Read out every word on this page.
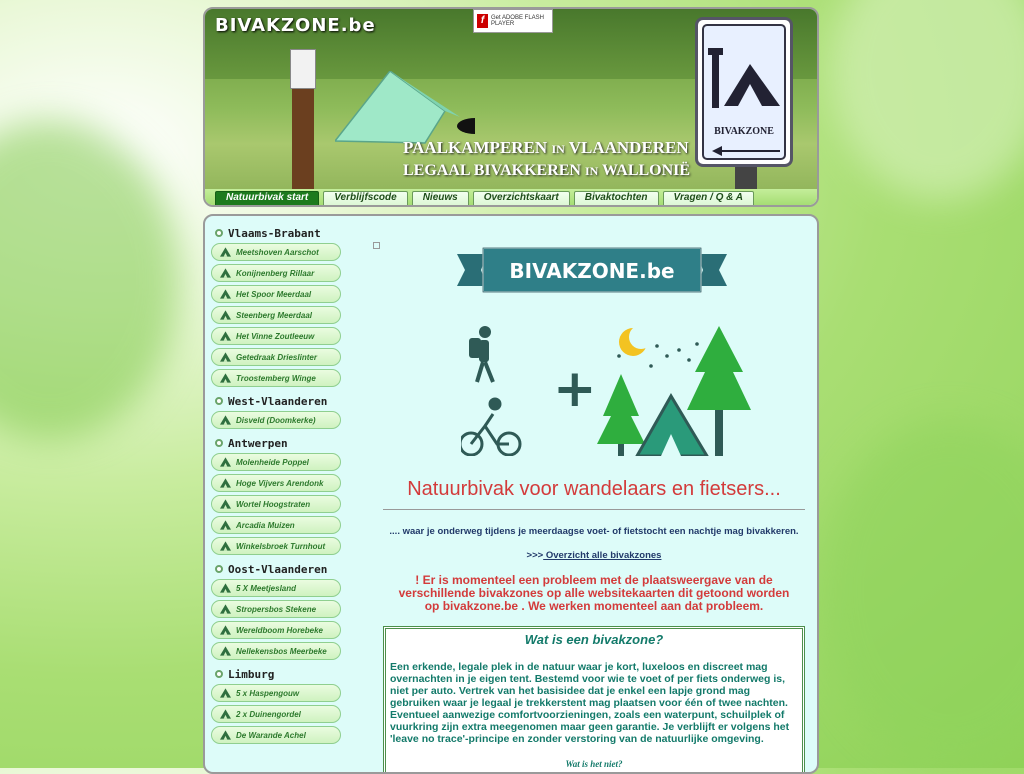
BIVAKZONE.be	f	Get ADOBE FLASH PLAYER
PAALKAMPEREN IN VLAANDEREN
LEGAAL BIVAKKEREN IN WALLONIË
BIVAKZONE
Natuurbivak start	Verblijfscode	Nieuws	Overzichtskaart	Bivaktochten	Vragen / Q & A
Vlaams-Brabant
Meetshoven Aarschot
Konijnenberg Rillaar
Het Spoor Meerdaal
Steenberg Meerdaal
Het Vinne Zoutleeuw
Getedraak Drieslinter
Troostemberg Winge
West-Vlaanderen
Disveld (Doomkerke)
Antwerpen
Molenheide Poppel
Hoge Vijvers Arendonk
Wortel Hoogstraten
Arcadia Muizen
Winkelsbroek Turnhout
Oost-Vlaanderen
5 X Meetjesland
Stropersbos Stekene
Wereldboom Horebeke
Nellekensbos Meerbeke
Limburg
5 x Haspengouw
2 x Duinengordel
De Warande Achel
BIVAKZONE.be
+
Natuurbivak voor wandelaars en fietsers...
.... waar je onderweg tijdens je meerdaagse voet- of fietstocht een nachtje mag bivakkeren.
>>> Overzicht alle bivakzones
! Er is momenteel een probleem met de plaatsweergave van de verschillende bivakzones op alle websitekaarten dit getoond worden op bivakzone.be . We werken momenteel aan dat probleem.
Wat is een bivakzone?

Een erkende, legale plek in de natuur waar je kort, luxeloos en discreet mag overnachten in je eigen tent. Bestemd voor wie te voet of per fiets onderweg is, niet per auto. Vertrek van het basisidee dat je enkel een lapje grond mag gebruiken waar je legaal je trekkerstent mag plaatsen voor één of twee nachten. Eventueel aanwezige comfortvoorzieningen, zoals een waterpunt, schuilplek of vuurkring zijn extra meegenomen maar geen garantie. Je verblijft er volgens het 'leave no trace'-principe en zonder verstoring van de natuurlijke omgeving.

Wat is het niet?
